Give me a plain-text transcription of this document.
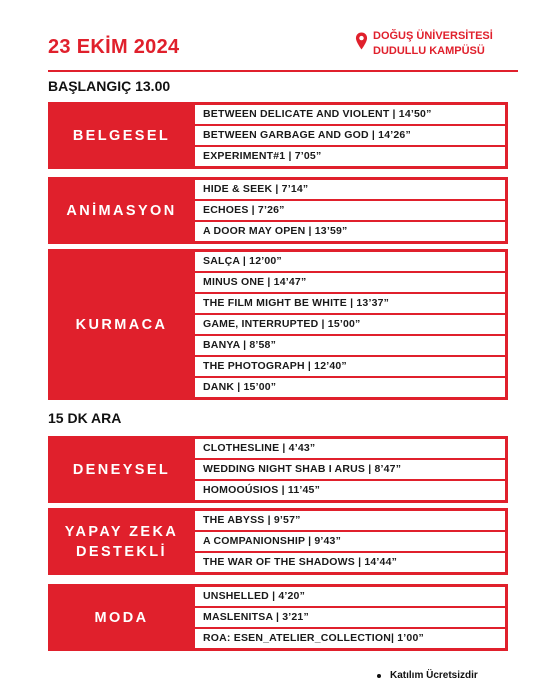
23 EKİM 2024	DOĞUŞ ÜNİVERSİTESİ
DUDULLU KAMPÜSÜ
BAŞLANGIÇ 13.00
BELGESEL
BETWEEN DELICATE AND VIOLENT | 14’50”
BETWEEN GARBAGE AND GOD | 14’26”
EXPERIMENT#1 | 7’05”
ANİMASYON
HIDE & SEEK | 7’14”
ECHOES | 7’26”
A DOOR MAY OPEN | 13’59”
KURMACA
SALÇA | 12’00”
MINUS ONE | 14’47”
THE FILM MIGHT BE WHITE | 13’37”
GAME, INTERRUPTED | 15’00”
BANYA | 8’58”
THE PHOTOGRAPH | 12’40”
DANK | 15’00”
15 DK ARA
DENEYSEL
CLOTHESLINE | 4’43”
WEDDING NIGHT SHAB I ARUS | 8’47”
HOMOOÚSIOS | 11’45”
YAPAY ZEKA
DESTEKLİ
THE ABYSS | 9’57”
A COMPANIONSHIP | 9’43”
THE WAR OF THE SHADOWS | 14’44”
MODA
UNSHELLED | 4’20”
MASLENITSA | 3’21”
ROA: ESEN_ATELIER_COLLECTION| 1’00”
Katılım Ücretsizdir
